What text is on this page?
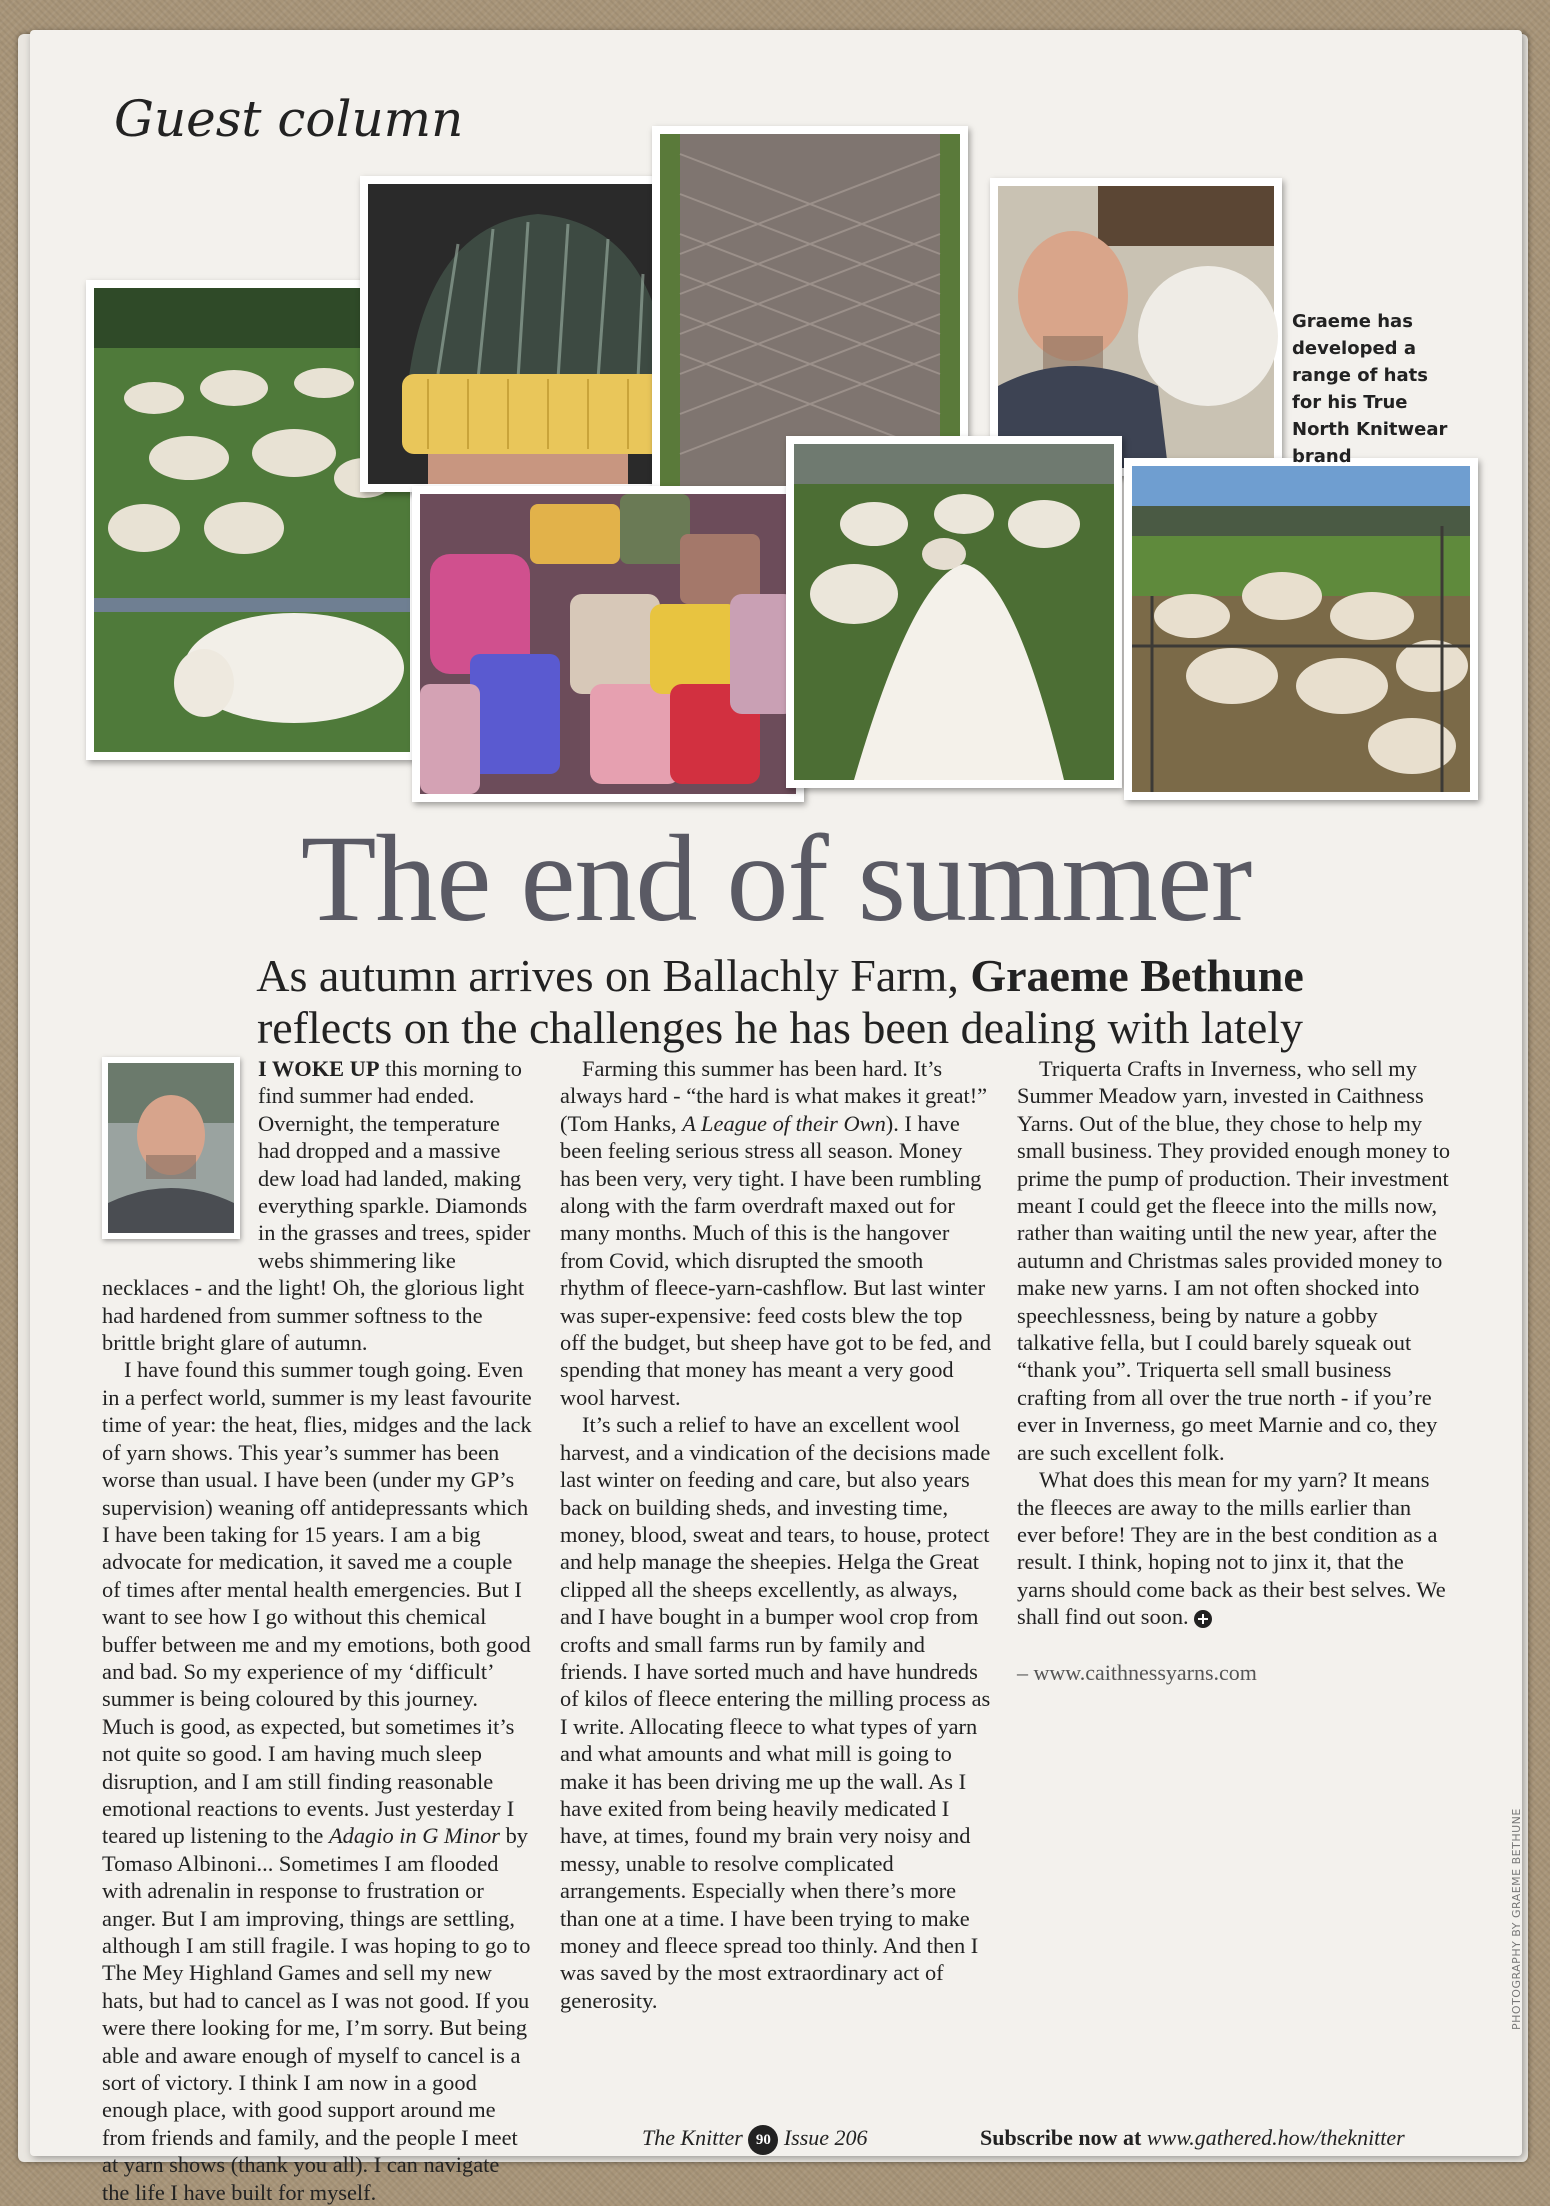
Guest column
Graeme has developed a range of hats for his True North Knitwear brand
The end of summer
As autumn arrives on Ballachly Farm, Graeme Bethune
reflects on the challenges he has been dealing with lately

I WOKE UP this morning to find summer had ended. Overnight, the temperature had dropped and a massive dew load had landed, making everything sparkle. Diamonds in the grasses and trees, spider webs shimmering like necklaces - and the light! Oh, the glorious light had hardened from summer softness to the brittle bright glare of autumn.

I have found this summer tough going. Even in a perfect world, summer is my least favourite time of year: the heat, flies, midges and the lack of yarn shows. This year’s summer has been worse than usual. I have been (under my GP’s supervision) weaning off antidepressants which I have been taking for 15 years. I am a big advocate for medication, it saved me a couple of times after mental health emergencies. But I want to see how I go without this chemical buffer between me and my emotions, both good and bad. So my experience of my ‘difficult’ summer is being coloured by this journey. Much is good, as expected, but sometimes it’s not quite so good. I am having much sleep disruption, and I am still finding reasonable emotional reactions to events. Just yesterday I teared up listening to the Adagio in G Minor by Tomaso Albinoni... Sometimes I am flooded with adrenalin in response to frustration or anger. But I am improving, things are settling, although I am still fragile. I was hoping to go to The Mey Highland Games and sell my new hats, but had to cancel as I was not good. If you were there looking for me, I’m sorry. But being able and aware enough of myself to cancel is a sort of victory. I think I am now in a good enough place, with good support around me from friends and family, and the people I meet at yarn shows (thank you all). I can navigate the life I have built for myself.

PHOTOGRAPHY BY GRAEME BETHUNE
The Knitter 90 Issue 206	Subscribe now at www.gathered.how/theknitter

Farming this summer has been hard. It’s always hard - “the hard is what makes it great!” (Tom Hanks, A League of their Own). I have been feeling serious stress all season. Money has been very, very tight. I have been rumbling along with the farm overdraft maxed out for many months. Much of this is the hangover from Covid, which disrupted the smooth rhythm of fleece-yarn-cashflow. But last winter was super-expensive: feed costs blew the top off the budget, but sheep have got to be fed, and spending that money has meant a very good wool harvest.

It’s such a relief to have an excellent wool harvest, and a vindication of the decisions made last winter on feeding and care, but also years back on building sheds, and investing time, money, blood, sweat and tears, to house, protect and help manage the sheepies. Helga the Great clipped all the sheeps excellently, as always, and I have bought in a bumper wool crop from crofts and small farms run by family and friends. I have sorted much and have hundreds of kilos of fleece entering the milling process as I write. Allocating fleece to what types of yarn and what amounts and what mill is going to make it has been driving me up the wall. As I have exited from being heavily medicated I have, at times, found my brain very noisy and messy, unable to resolve complicated arrangements. Especially when there’s more than one at a time. I have been trying to make money and fleece spread too thinly. And then I was saved by the most extraordinary act of generosity.

Triquerta Crafts in Inverness, who sell my Summer Meadow yarn, invested in Caithness Yarns. Out of the blue, they chose to help my small business. They provided enough money to prime the pump of production. Their investment meant I could get the fleece into the mills now, rather than waiting until the new year, after the autumn and Christmas sales provided money to make new yarns. I am not often shocked into speechlessness, being by nature a gobby talkative fella, but I could barely squeak out “thank you”. Triquerta sell small business crafting from all over the true north - if you’re ever in Inverness, go meet Marnie and co, they are such excellent folk.

What does this mean for my yarn? It means the fleeces are away to the mills earlier than ever before! They are in the best condition as a result. I think, hoping not to jinx it, that the yarns should come back as their best selves. We shall find out soon.

– www.caithnessyarns.com
